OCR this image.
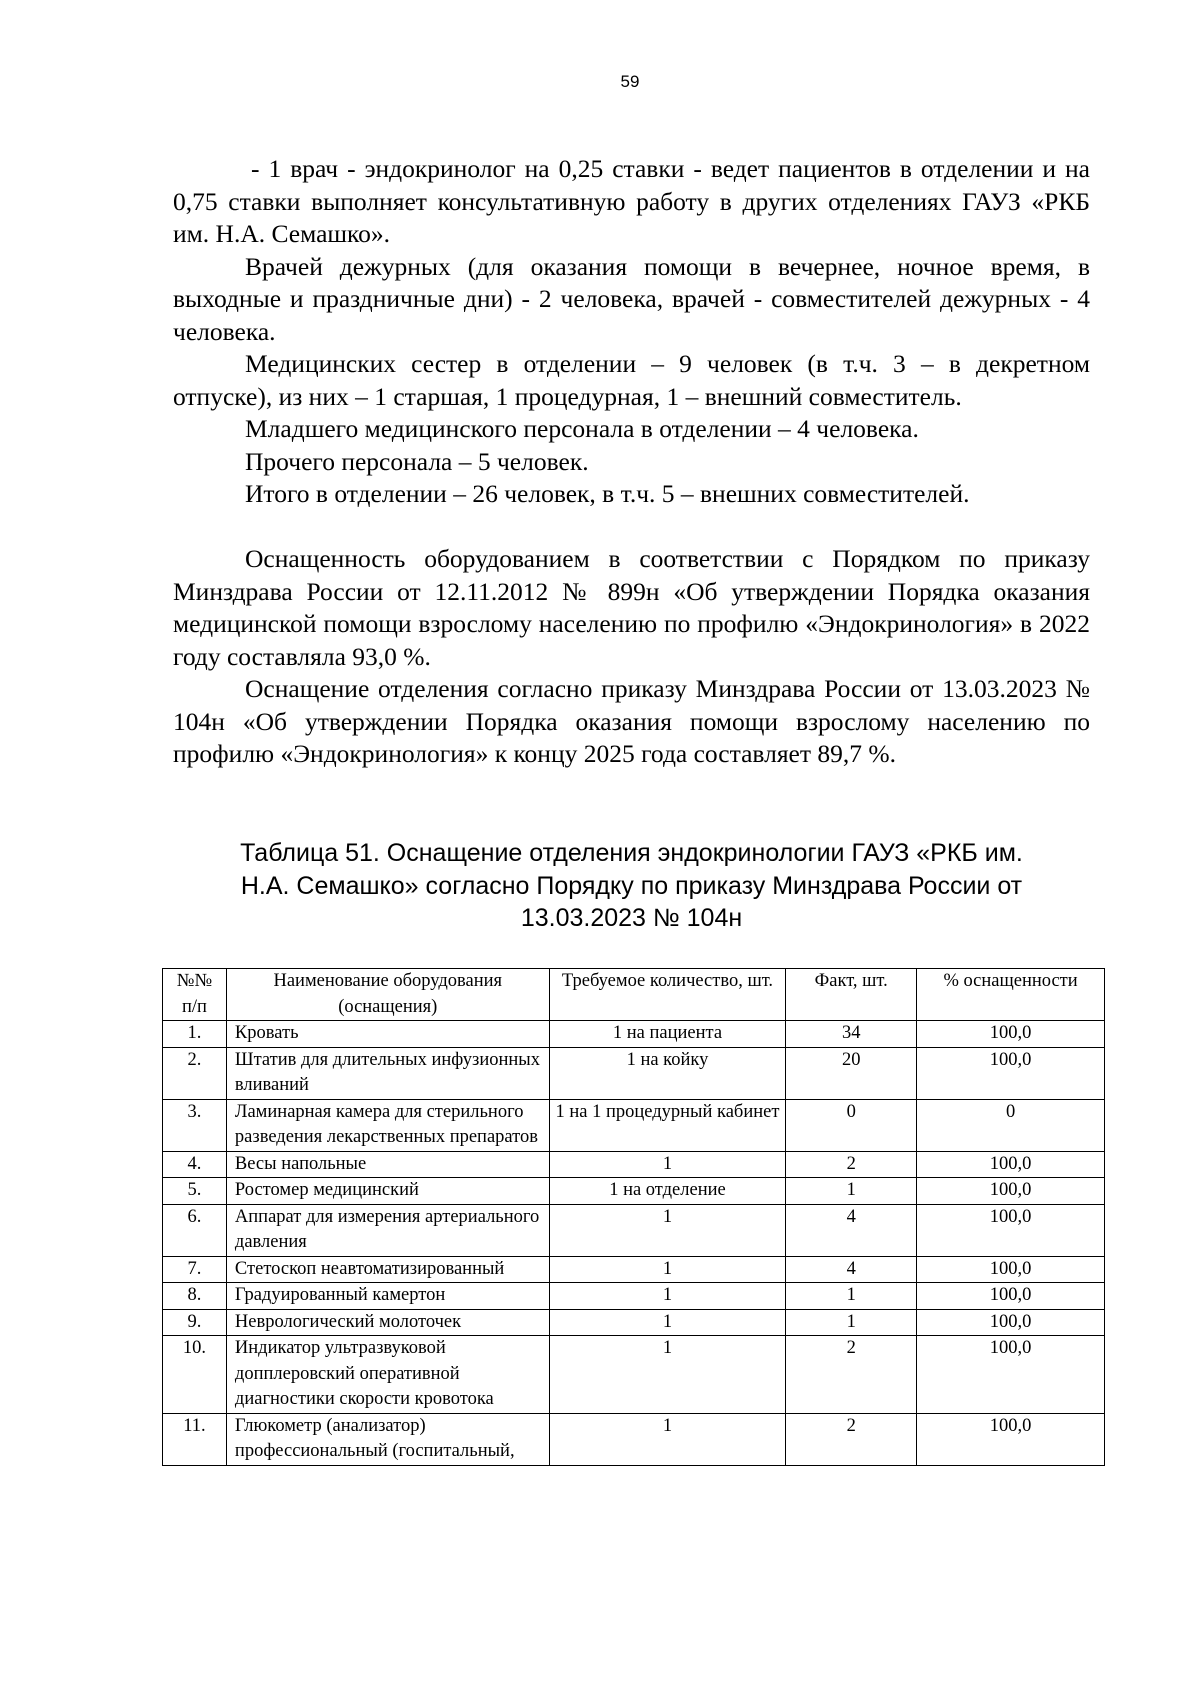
59

- 1 врач - эндокринолог на 0,25 ставки - ведет пациентов в отделении и на 0,75 ставки выполняет консультативную работу в других отделениях ГАУЗ «РКБ им. Н.А. Семашко».

Врачей дежурных (для оказания помощи в вечернее, ночное время, в выходные и праздничные дни) - 2 человека, врачей - совместителей дежурных - 4 человека.

Медицинских сестер в отделении – 9 человек (в т.ч. 3 – в декретном отпуске), из них – 1 старшая, 1 процедурная, 1 – внешний совместитель.

Младшего медицинского персонала в отделении – 4 человека.

Прочего персонала – 5 человек.

Итого в отделении – 26 человек, в т.ч. 5 – внешних совместителей.

Оснащенность оборудованием в соответствии с Порядком по приказу Минздрава России от 12.11.2012 № 899н «Об утверждении Порядка оказания медицинской помощи взрослому населению по профилю «Эндокринология» в 2022 году составляла 93,0 %.

Оснащение отделения согласно приказу Минздрава России от 13.03.2023 № 104н «Об утверждении Порядка оказания помощи взрослому населению по профилю «Эндокринология» к концу 2025 года составляет 89,7 %.

Таблица 51. Оснащение отделения эндокринологии ГАУЗ «РКБ им.
Н.А. Семашко» согласно Порядку по приказу Минздрава России от
13.03.2023 № 104н
№№ п/п	Наименование оборудования (оснащения)	Требуемое количество, шт.	Факт, шт.	% оснащенности
1.	Кровать	1 на пациента	34	100,0
2.	Штатив для длительных инфузионных вливаний	1 на койку	20	100,0
3.	Ламинарная камера для стерильного разведения лекарственных препаратов	1 на 1 процедурный кабинет	0	0
4.	Весы напольные	1	2	100,0
5.	Ростомер медицинский	1 на отделение	1	100,0
6.	Аппарат для измерения артериального давления	1	4	100,0
7.	Стетоскоп неавтоматизированный	1	4	100,0
8.	Градуированный камертон	1	1	100,0
9.	Неврологический молоточек	1	1	100,0
10.	Индикатор ультразвуковой допплеровский оперативной диагностики скорости кровотока	1	2	100,0
11.	Глюкометр (анализатор) профессиональный (госпитальный,	1	2	100,0
